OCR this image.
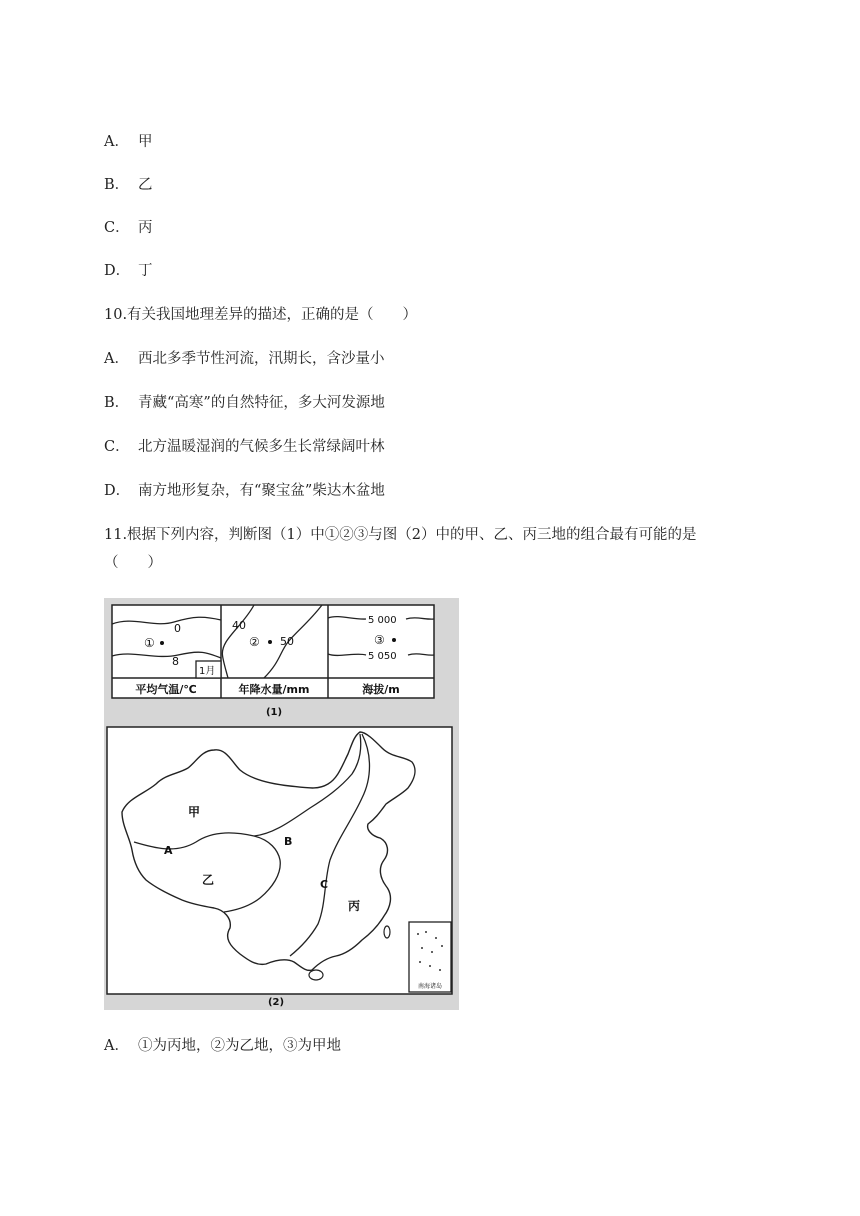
A． 甲
B． 乙
C． 丙
D． 丁
10.有关我国地理差异的描述，正确的是（　　）
A． 西北多季节性河流，汛期长，含沙量小
B． 青藏“高寒”的自然特征，多大河发源地
C． 北方温暖湿润的气候多生长常绿阔叶林
D． 南方地形复杂，有“聚宝盆”柴达木盆地
11.根据下列内容，判断图（1）中①②③与图（2）中的甲、乙、丙三地的组合最有可能的是
（　　）
0
8
①
1月
平均气温/℃
40
50
②
年降水量/mm
5 000
5 050
③
海拔/m
(1)
甲
乙
丙
A
B
C
南海诸岛
(2)
A． ①为丙地，②为乙地，③为甲地
